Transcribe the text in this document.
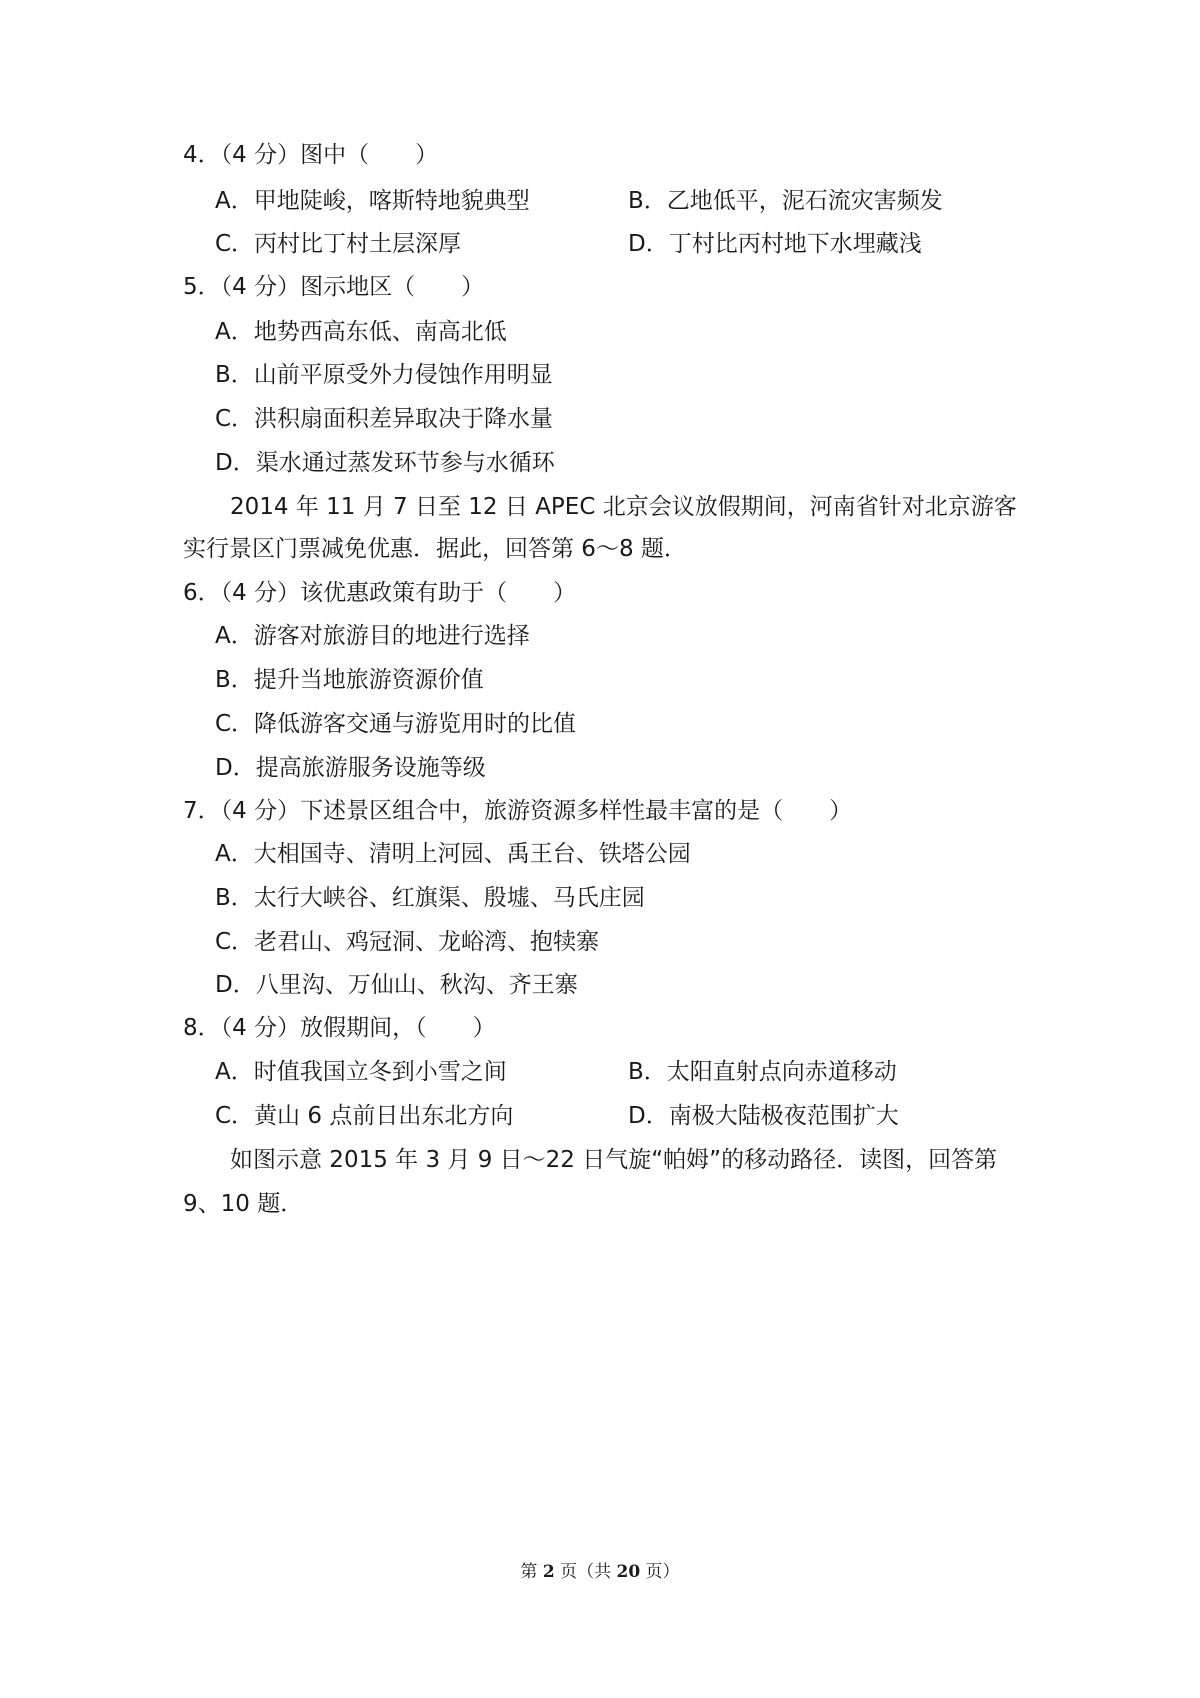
4．（4 分）图中（　　）
A．甲地陡峻，喀斯特地貌典型	B．乙地低平，泥石流灾害频发
C．丙村比丁村土层深厚	D．丁村比丙村地下水埋藏浅
5．（4 分）图示地区（　　）
A．地势西高东低、南高北低
B．山前平原受外力侵蚀作用明显
C．洪积扇面积差异取决于降水量
D．渠水通过蒸发环节参与水循环
2014 年 11 月 7 日至 12 日 APEC 北京会议放假期间，河南省针对北京游客
实行景区门票减免优惠．据此，回答第 6～8 题．
6．（4 分）该优惠政策有助于（　　）
A．游客对旅游目的地进行选择
B．提升当地旅游资源价值
C．降低游客交通与游览用时的比值
D．提高旅游服务设施等级
7．（4 分）下述景区组合中，旅游资源多样性最丰富的是（　　）
A．大相国寺、清明上河园、禹王台、铁塔公园
B．太行大峡谷、红旗渠、殷墟、马氏庄园
C．老君山、鸡冠洞、龙峪湾、抱犊寨
D．八里沟、万仙山、秋沟、齐王寨
8．（4 分）放假期间，（　　）
A．时值我国立冬到小雪之间	B．太阳直射点向赤道移动
C．黄山 6 点前日出东北方向	D．南极大陆极夜范围扩大
如图示意 2015 年 3 月 9 日～22 日气旋“帕姆”的移动路径．读图，回答第
9、10 题．
第 2 页（共 20 页）
